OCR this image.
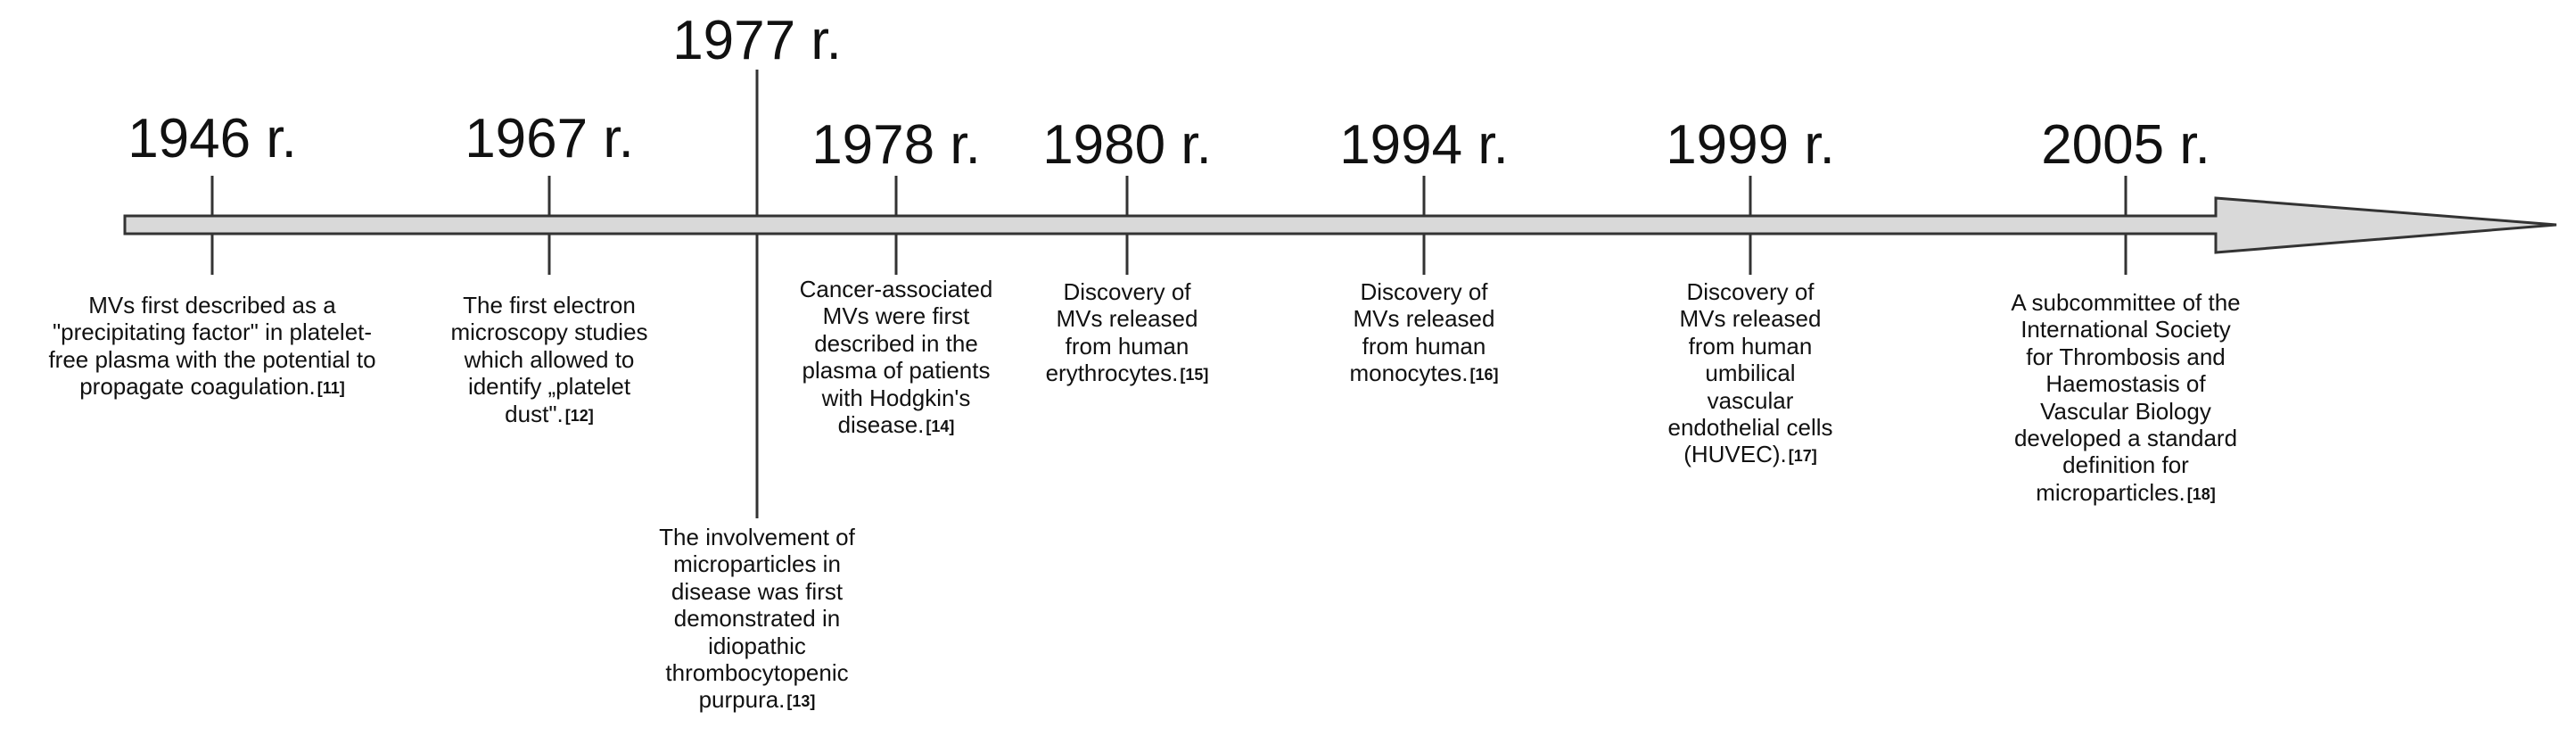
1946 r.
MVs first described as a
"precipitating factor" in platelet-
free plasma with the potential to
propagate coagulation. [11]
1967 r.
The first electron
microscopy studies
which allowed to
identify „platelet
dust". [12]
1977 r.
The involvement of
microparticles in
disease was first
demonstrated in
idiopathic
thrombocytopenic
purpura. [13]
1978 r.
Cancer-associated
MVs were first
described in the
plasma of patients
with Hodgkin's
disease. [14]
1980 r.
Discovery of
MVs released
from human
erythrocytes. [15]
1994 r.
Discovery of
MVs released
from human
monocytes. [16]
1999 r.
Discovery of
MVs released
from human
umbilical
vascular
endothelial cells
(HUVEC). [17]
2005 r.
A subcommittee of the
International Society
for Thrombosis and
Haemostasis of
Vascular Biology
developed a standard
definition for
microparticles. [18]
